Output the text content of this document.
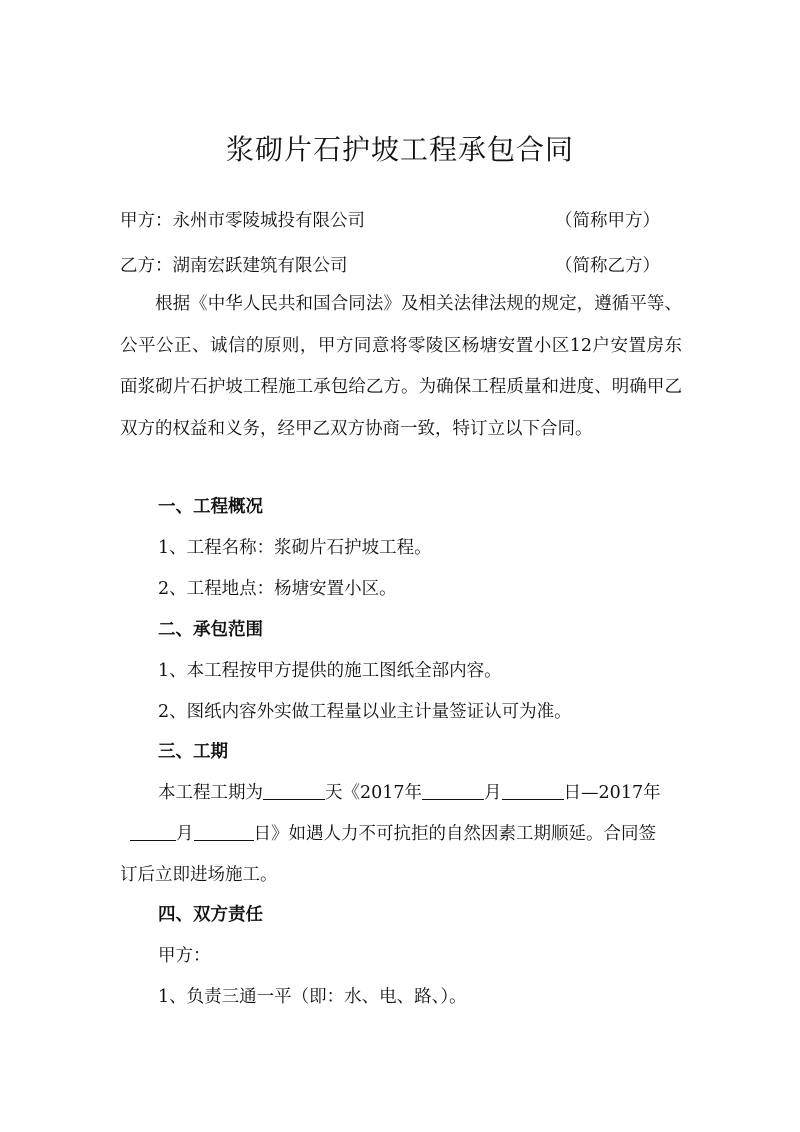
浆砌片石护坡工程承包合同
甲方：永州市零陵城投有限公司	（简称甲方）
乙方：湖南宏跃建筑有限公司	（简称乙方）
根据《中华人民共和国合同法》及相关法律法规的规定，遵循平等、公平公正、诚信的原则，甲方同意将零陵区杨塘安置小区12户安置房东面浆砌片石护坡工程施工承包给乙方。为确保工程质量和进度、明确甲乙双方的权益和义务，经甲乙双方协商一致，特订立以下合同。
一、工程概况
1、工程名称：浆砌片石护坡工程。
2、工程地点：杨塘安置小区。
二、承包范围
1、本工程按甲方提供的施工图纸全部内容。
2、图纸内容外实做工程量以业主计量签证认可为准。
三、工期
本工程工期为	天《2017年	月	日—2017年
月	日》如遇人力不可抗拒的自然因素工期顺延。合同签
订后立即进场施工。
四、双方责任
甲方：
1、负责三通一平（即：水、电、路、）。
